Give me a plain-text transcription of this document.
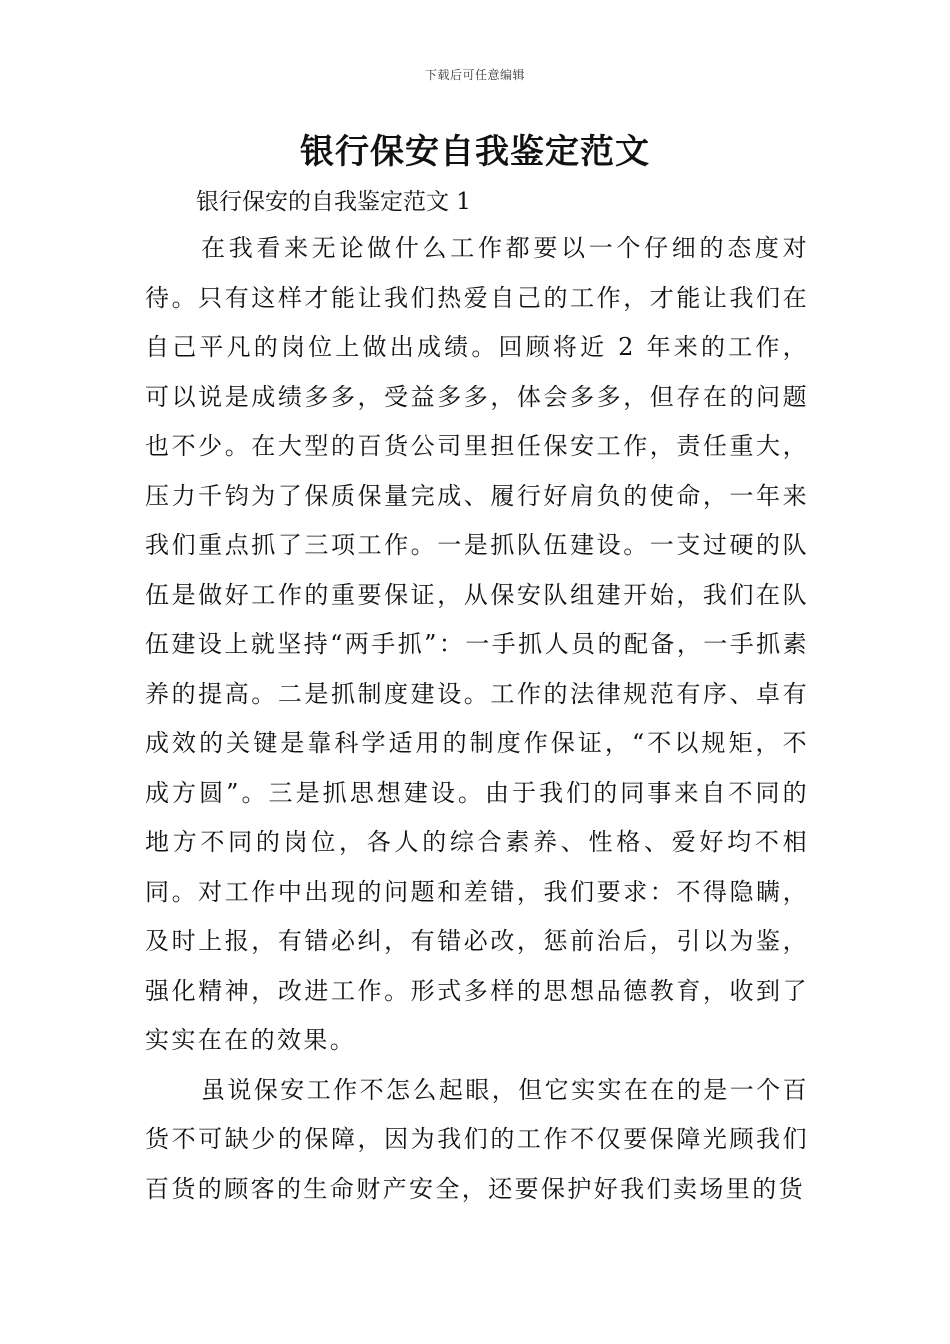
下载后可任意编辑
银行保安自我鉴定范文
银行保安的自我鉴定范文 1

在我看来无论做什么工作都要以一个仔细的态度对待。只有这样才能让我们热爱自己的工作，才能让我们在自己平凡的岗位上做出成绩。回顾将近 2 年来的工作，可以说是成绩多多，受益多多，体会多多，但存在的问题也不少。在大型的百货公司里担任保安工作，责任重大，压力千钧为了保质保量完成、履行好肩负的使命，一年来我们重点抓了三项工作。一是抓队伍建设。一支过硬的队伍是做好工作的重要保证，从保安队组建开始，我们在队伍建设上就坚持“两手抓”：一手抓人员的配备，一手抓素养的提高。二是抓制度建设。工作的法律规范有序、卓有成效的关键是靠科学适用的制度作保证，“不以规矩，不成方圆”。三是抓思想建设。由于我们的同事来自不同的地方不同的岗位，各人的综合素养、性格、爱好均不相同。对工作中出现的问题和差错，我们要求：不得隐瞒，及时上报，有错必纠，有错必改，惩前治后，引以为鉴，强化精神，改进工作。形式多样的思想品德教育，收到了实实在在的效果。

虽说保安工作不怎么起眼，但它实实在在的是一个百货不可缺少的保障，因为我们的工作不仅要保障光顾我们百货的顾客的生命财产安全，还要保护好我们卖场里的货
